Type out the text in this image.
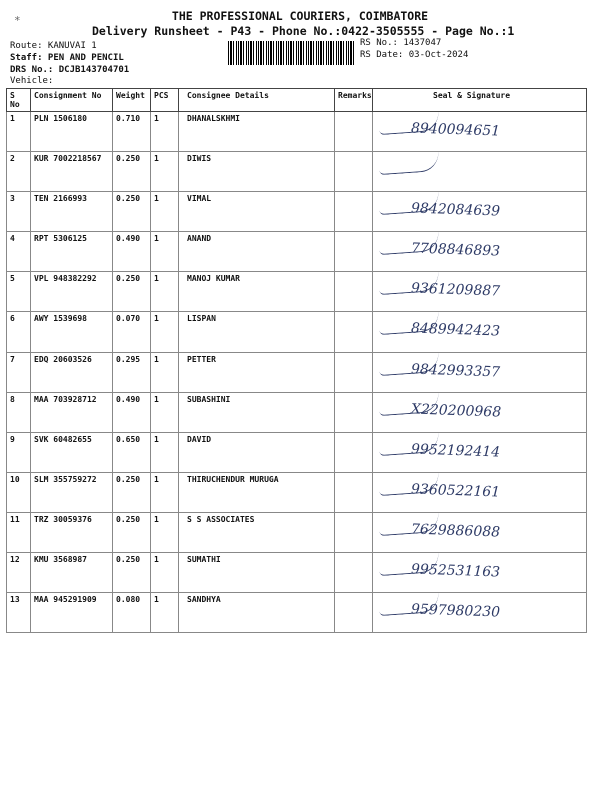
*	THE PROFESSIONAL COURIERS, COIMBATORE
Delivery Runsheet - P43 - Phone No.:0422-3505555 - Page No.:1
Route: KANUVAI 1
Staff: PEN AND PENCIL
DRS No.: DCJB143704701
Vehicle:
RS No.: 1437047
RS Date: 03-Oct-2024
S No	Consignment No	Weight	PCS	Consignee Details	Remarks	Seal & Signature
1	PLN 1506180	0.710	1	DHANALSKHMI		8940094651

2	KUR 7002218567	0.250	1	DIWIS		

3	TEN 2166993	0.250	1	VIMAL		9842084639

4	RPT 5306125	0.490	1	ANAND		7708846893

5	VPL 948382292	0.250	1	MANOJ KUMAR		9361209887

6	AWY 1539698	0.070	1	LISPAN		8489942423

7	EDQ 20603526	0.295	1	PETTER		9842993357

8	MAA 703928712	0.490	1	SUBASHINI		X220200968

9	SVK 60482655	0.650	1	DAVID		9952192414

10	SLM 355759272	0.250	1	THIRUCHENDUR MURUGA		9360522161

11	TRZ 30059376	0.250	1	S S ASSOCIATES		7629886088

12	KMU 3568987	0.250	1	SUMATHI		9952531163

13	MAA 945291909	0.080	1	SANDHYA		9597980230
